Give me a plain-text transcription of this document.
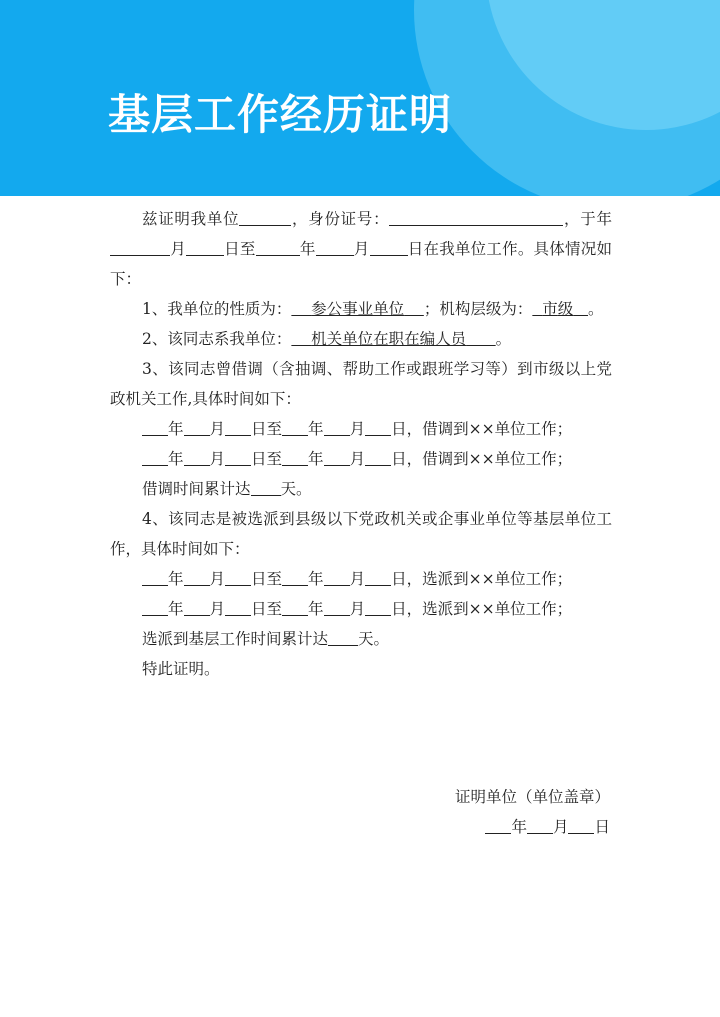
基层工作经历证明

兹证明我单位	，身份证号：	，于年月 日至	年 月 日在我单位工作。具体情况如下：

1、我单位的性质为： 参公事业单位 ；机构层级为： 市级 。

2、该同志系我单位： 机关单位在职在编人员 。

3、该同志曾借调（含抽调、帮助工作或跟班学习等）到市级以上党政机关工作,具体时间如下：

年 月 日至 年 月 日，借调到××单位工作；

年 月 日至 年 月 日，借调到××单位工作；

借调时间累计达 天。

4、该同志是被选派到县级以下党政机关或企事业单位等基层单位工作，具体时间如下：

年 月 日至 年 月 日，选派到××单位工作；

年 月 日至 年 月 日，选派到××单位工作；

选派到基层工作时间累计达 天。

特此证明。

证明单位（单位盖章）

年 月 日
